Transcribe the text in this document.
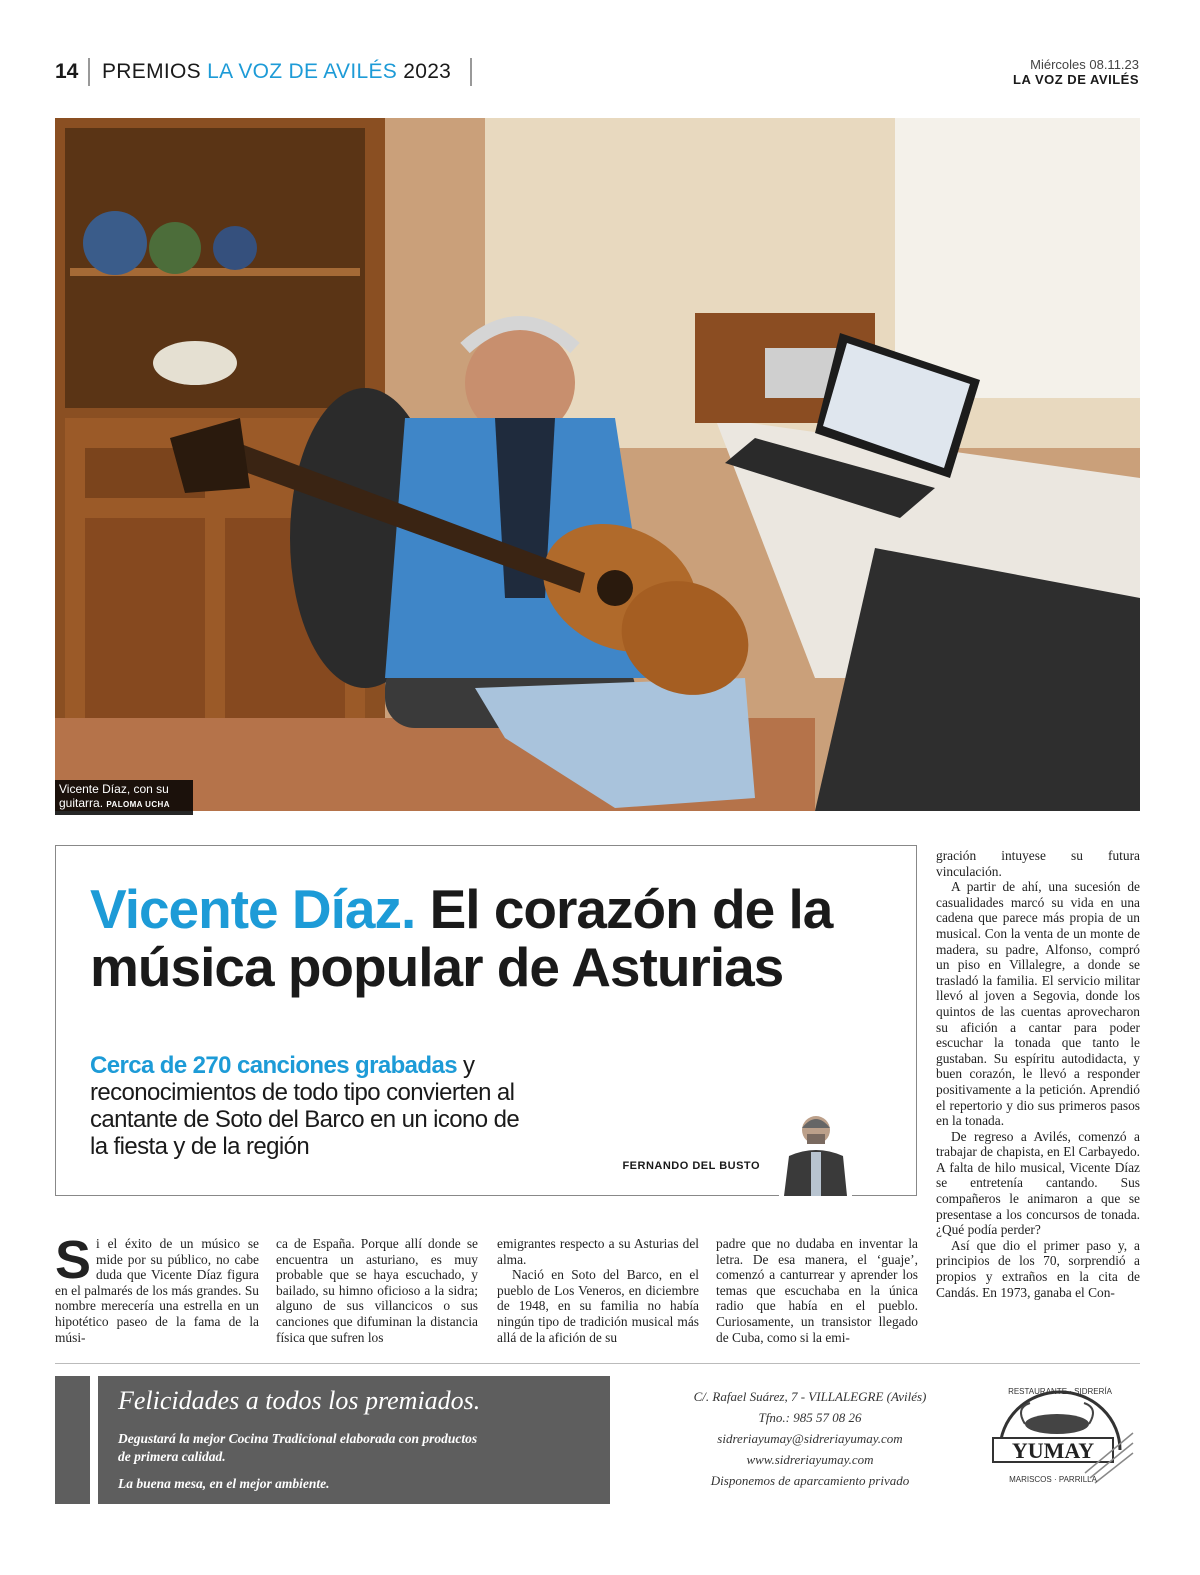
14 PREMIOS LA VOZ DE AVILÉS 2023	Miércoles 08.11.23
LA VOZ DE AVILÉS
Vicente Díaz, con su guitarra. PALOMA UCHA
Vicente Díaz. El corazón de la música popular de Asturias
Cerca de 270 canciones grabadas y reconocimientos de todo tipo convierten al cantante de Soto del Barco en un icono de la fiesta y de la región
FERNANDO DEL BUSTO

Si el éxito de un músico se mide por su público, no cabe duda que Vicente Díaz figura en el palmarés de los más grandes. Su nombre merecería una estrella en un hipotético paseo de la fama de la músi-

ca de España. Porque allí donde se encuentra un asturiano, es muy probable que se haya escuchado, y bailado, su himno oficioso a la sidra; alguno de sus villancicos o sus canciones que difuminan la distancia física que sufren los

emigrantes respecto a su Asturias del alma.

Nació en Soto del Barco, en el pueblo de Los Veneros, en diciembre de 1948, en su familia no había ningún tipo de tradición musical más allá de la afición de su

padre que no dudaba en inventar la letra. De esa manera, el ‘guaje’, comenzó a canturrear y aprender los temas que escuchaba en la única radio que había en el pueblo. Curiosamente, un transistor llegado de Cuba, como si la emi-

gración intuyese su futura vinculación.

A partir de ahí, una sucesión de casualidades marcó su vida en una cadena que parece más propia de un musical. Con la venta de un monte de madera, su padre, Alfonso, compró un piso en Villalegre, a donde se trasladó la familia. El servicio militar llevó al joven a Segovia, donde los quintos de las cuentas aprovecharon su afición a cantar para poder escuchar la tonada que tanto le gustaban. Su espíritu autodidacta, y buen corazón, le llevó a responder positivamente a la petición. Aprendió el repertorio y dio sus primeros pasos en la tonada.

De regreso a Avilés, comenzó a trabajar de chapista, en El Carbayedo. A falta de hilo musical, Vicente Díaz se entretenía cantando. Sus compañeros le animaron a que se presentase a los concursos de tonada. ¿Qué podía perder?

Así que dio el primer paso y, a principios de los 70, sorprendió a propios y extraños en la cita de Candás. En 1973, ganaba el Con-

Felicidades a todos los premiados.
Degustará la mejor Cocina Tradicional elaborada con productos de primera calidad.
La buena mesa, en el mejor ambiente.
C/. Rafael Suárez, 7 - VILLALEGRE (Avilés)
Tfno.: 985 57 08 26
sidreriayumay@sidreriayumay.com
www.sidreriayumay.com
Disponemos de aparcamiento privado
RESTAURANTE · SIDRERÍA
YUMAY
MARISCOS · PARRILLA
